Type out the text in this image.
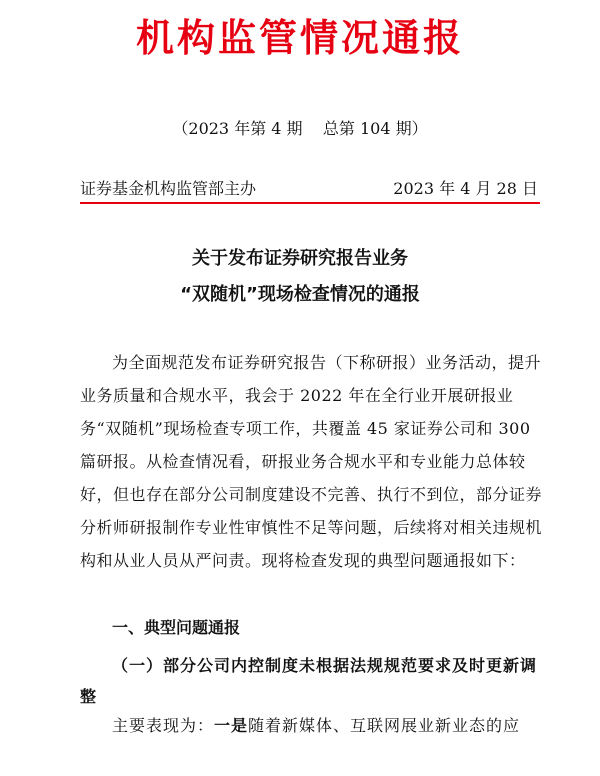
机构监管情况通报
（2023 年第 4 期    总第 104 期）
证券基金机构监管部主办	2023 年 4 月 28 日
关于发布证券研究报告业务
“双随机”现场检查情况的通报

为全面规范发布证券研究报告（下称研报）业务活动，提升业务质量和合规水平，我会于 2022 年在全行业开展研报业务“双随机”现场检查专项工作，共覆盖 45 家证券公司和 300 篇研报。从检查情况看，研报业务合规水平和专业能力总体较好，但也存在部分公司制度建设不完善、执行不到位，部分证券分析师研报制作专业性审慎性不足等问题，后续将对相关违规机构和从业人员从严问责。现将检查发现的典型问题通报如下：

一、典型问题通报
（一）部分公司内控制度未根据法规规范要求及时更新调整
主要表现为：一是随着新媒体、互联网展业新业态的应
